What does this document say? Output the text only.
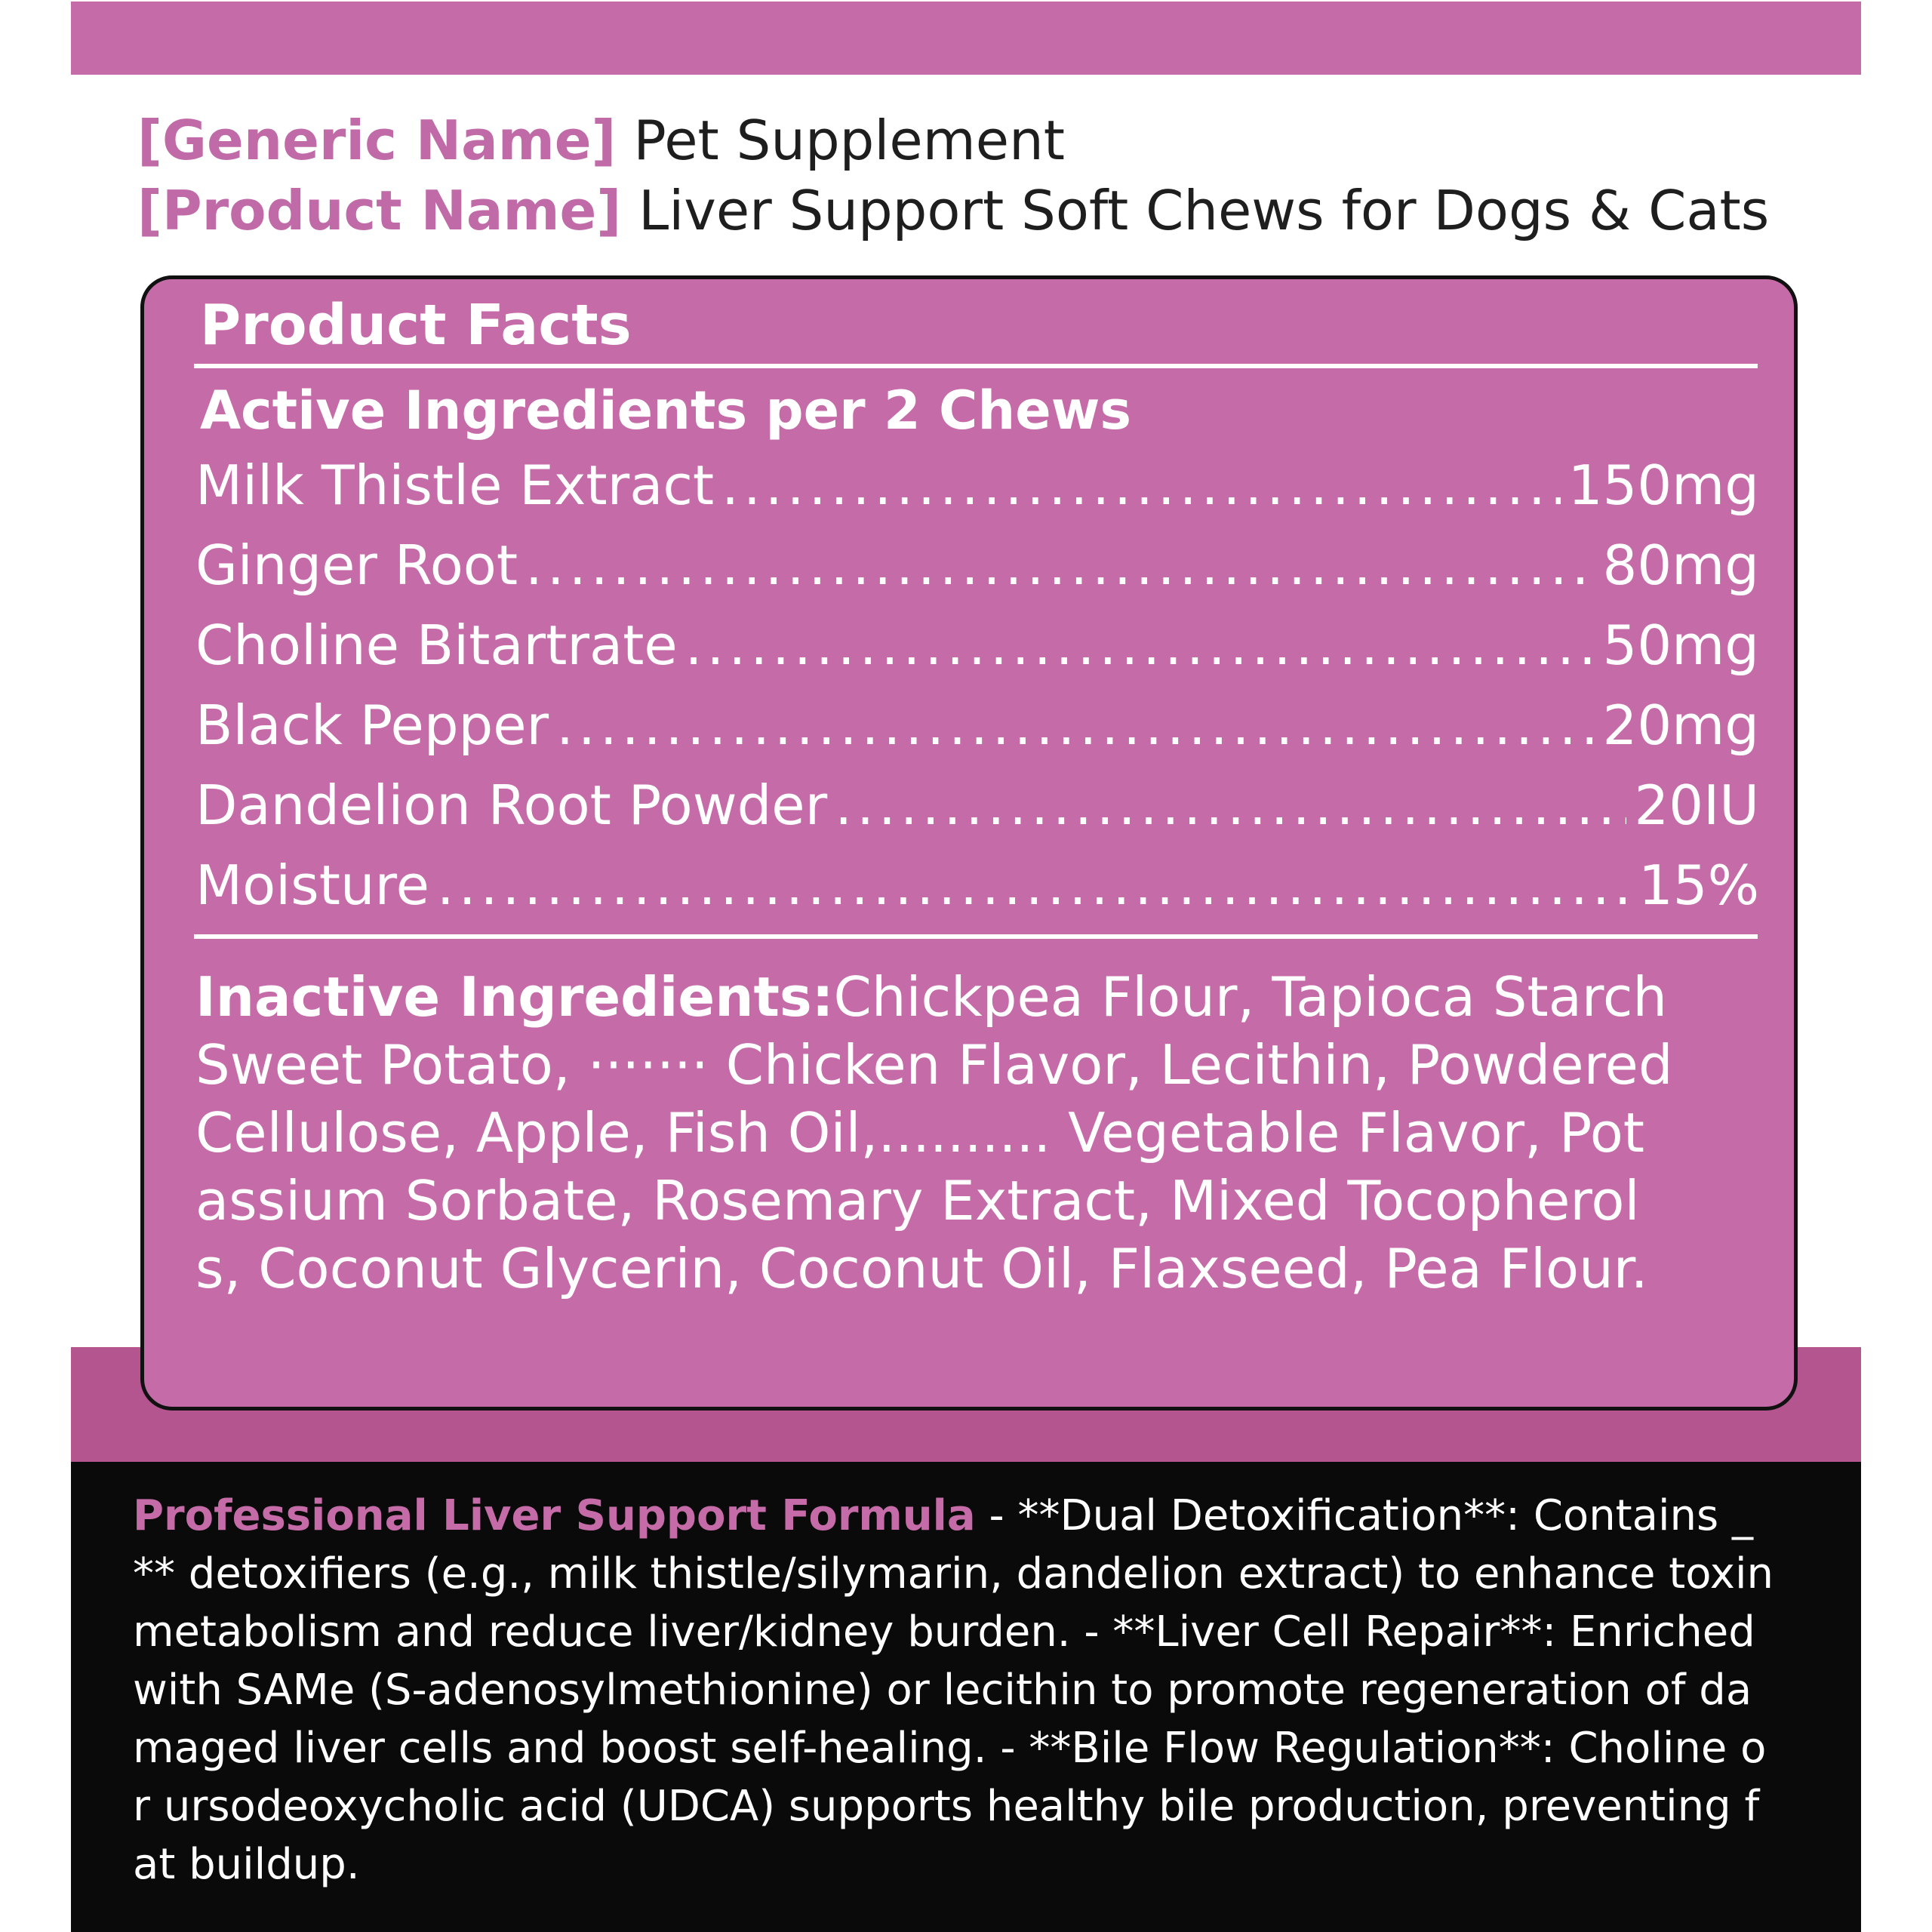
[Generic Name] Pet Supplement
[Product Name] Liver Support Soft Chews for Dogs & Cats
Product Facts
Active Ingredients per 2 Chews
Milk Thistle Extract .....	150mg
Ginger Root .....	80mg
Choline Bitartrate .....	50mg
Black Pepper .....	20mg
Dandelion Root Powder .....	20IU
Moisture .....	15%
Inactive Ingredients:Chickpea Flour, Tapioca Starch Sweet Potato, ······· Chicken Flavor, Lecithin, Powdered Cellulose, Apple, Fish Oil,.......... Vegetable Flavor, Potassium Sorbate, Rosemary Extract, Mixed Tocopherols, Coconut Glycerin, Coconut Oil, Flaxseed, Pea Flour.
Professional Liver Support Formula - **Dual Detoxification**: Contains _ ** detoxifiers (e.g., milk thistle/silymarin, dandelion extract) to enhance toxin metabolism and reduce liver/kidney burden. - **Liver Cell Repair**: Enriched with SAMe (S-adenosylmethionine) or lecithin to promote regeneration of damaged liver cells and boost self-healing. - **Bile Flow Regulation**: Choline or ursodeoxycholic acid (UDCA) supports healthy bile production, preventing fat buildup.
